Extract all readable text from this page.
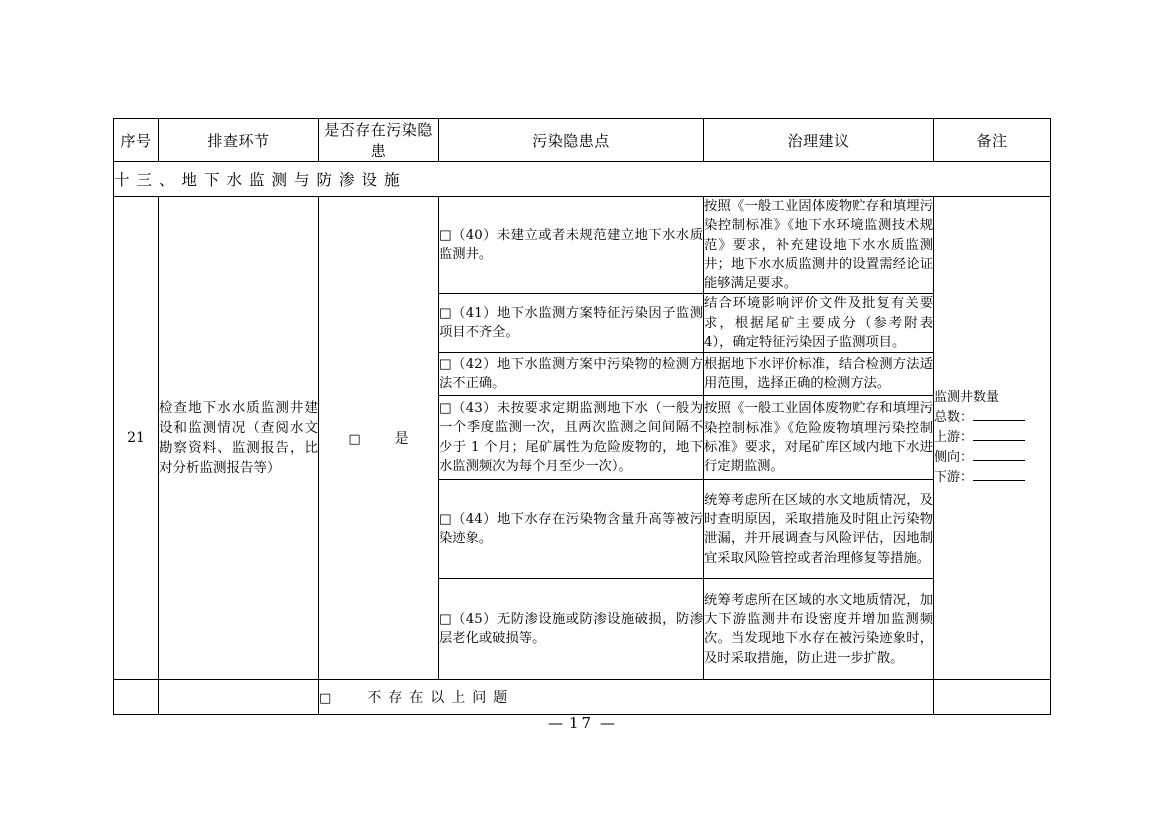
序号	排查环节	是否存在污染隐患	污染隐患点	治理建议	备注
十三、地下水监测与防渗设施					
21	检查地下水水质监测井建设和监测情况（查阅水文勘察资料、监测报告，比对分析监测报告等）	□ 是	□（40）未建立或者未规范建立地下水水质监测井。	按照《一般工业固体废物贮存和填埋污染控制标准》《地下水环境监测技术规范》要求，补充建设地下水水质监测井；地下水水质监测井的设置需经论证能够满足要求。	监测井数量
总数：
上游：
侧向：
下游：

			□（41）地下水监测方案特征污染因子监测项目不齐全。	结合环境影响评价文件及批复有关要求，根据尾矿主要成分（参考附表 4），确定特征污染因子监测项目。	
			□（42）地下水监测方案中污染物的检测方法不正确。	根据地下水评价标准，结合检测方法适用范围，选择正确的检测方法。	
			□（43）未按要求定期监测地下水（一般为一个季度监测一次，且两次监测之间间隔不少于 1 个月；尾矿属性为危险废物的，地下水监测频次为每个月至少一次）。	按照《一般工业固体废物贮存和填埋污染控制标准》《危险废物填埋污染控制标准》要求，对尾矿库区域内地下水进行定期监测。	
			□（44）地下水存在污染物含量升高等被污染迹象。	统筹考虑所在区域的水文地质情况，及时查明原因，采取措施及时阻止污染物泄漏，并开展调查与风险评估，因地制宜采取风险管控或者治理修复等措施。	
			□（45）无防渗设施或防渗设施破损，防渗层老化或破损等。	统筹考虑所在区域的水文地质情况，加大下游监测井布设密度并增加监测频次。当发现地下水存在被污染迹象时，及时采取措施，防止进一步扩散。	
		□ 不存在以上问题			
—17 —
